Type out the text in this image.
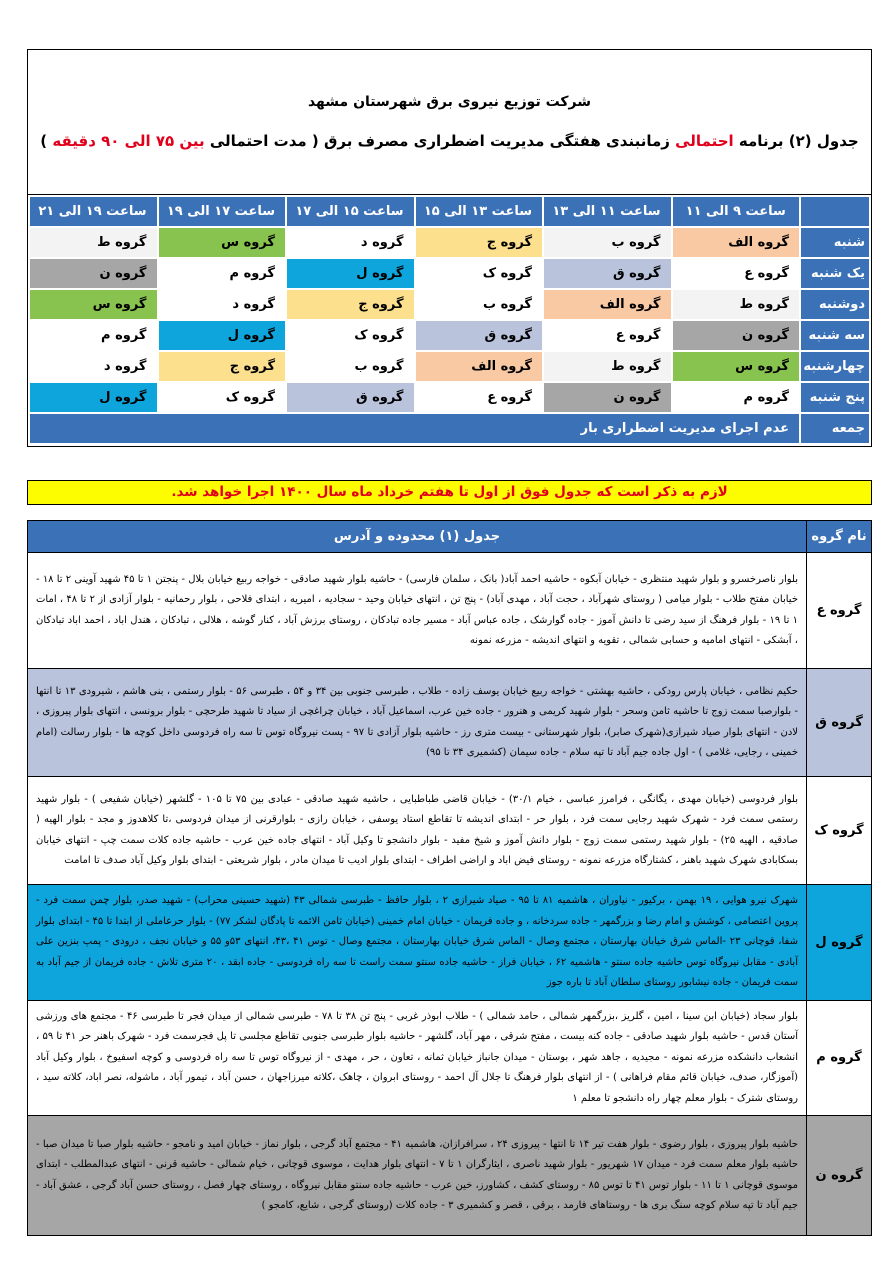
شرکت توزیع نیروی برق شهرستان مشهد
جدول (۲) برنامه احتمالی زمانبندی هفتگی مدیریت اضطراری مصرف برق ( مدت احتمالی بین ۷۵ الی ۹۰ دقیقه )
	ساعت ۹ الی ۱۱	ساعت ۱۱ الی ۱۳	ساعت ۱۳ الی ۱۵	ساعت ۱۵ الی ۱۷	ساعت ۱۷ الی ۱۹	ساعت ۱۹ الی ۲۱
شنبه	گروه الف	گروه ب	گروه ج	گروه د	گروه س	گروه ط
یک شنبه	گروه ع	گروه ق	گروه ک	گروه ل	گروه م	گروه ن
دوشنبه	گروه ط	گروه الف	گروه ب	گروه ج	گروه د	گروه س
سه شنبه	گروه ن	گروه ع	گروه ق	گروه ک	گروه ل	گروه م
چهارشنبه	گروه س	گروه ط	گروه الف	گروه ب	گروه ج	گروه د
پنج شنبه	گروه م	گروه ن	گروه ع	گروه ق	گروه ک	گروه ل
جمعه	عدم اجرای مدیریت اضطراری بار					
لازم به ذکر است که جدول فوق از اول تا هفتم خرداد ماه سال ۱۴۰۰ اجرا خواهد شد.
نام گروه	جدول (۱) محدوده و آدرس
گروه ع	بلوار ناصرخسرو و بلوار شهید منتظری - خیابان آبکوه - حاشیه احمد آباد( بانک ، سلمان فارسی) - حاشیه بلوار شهید صادقی - خواجه ربیع خیابان بلال - پنجتن ۱ تا ۴۵ شهید آوینی ۲ تا ۱۸ - خیابان مفتح طلاب - بلوار میامی ( روستای شهرآباد ، حجت آباد ، مهدی آباد) - پنج تن ، انتهای خیابان وحید - سجادیه ، امیریه ، ابتدای فلاحی ، بلوار رحمانیه - بلوار آزادی از ۲ تا ۴۸ ، امات ۱ تا ۱۹ - بلوار فرهنگ از سید رضی تا دانش آموز - جاده گوارشک ، جاده عباس آباد - مسیر جاده تبادکان ، روستای برزش آباد ، کنار گوشه ، هلالی ، تبادکان ، هندل اباد ، احمد اباد تبادکان ، آبشکی - انتهای امامیه و حسابی شمالی ، تقویه و انتهای اندیشه - مزرعه نمونه
گروه ق	حکیم نظامی ، خیابان پارس رودکی ، حاشیه بهشتی - خواجه ربیع خیابان یوسف زاده - طلاب ، طبرسی جنوبی بین ۳۴ و ۵۴ ، طبرسی ۵۶ - بلوار رستمی ، بنی هاشم ، شیرودی ۱۳ تا انتها - بلوارصبا سمت زوج تا حاشیه ثامن وسحر - بلوار شهید کریمی و هنرور - جاده خین عرب، اسماعیل آباد ، خیابان چراغچی از سیاد تا شهید طرحچی - بلوار برونسی ، انتهای بلوار پیروزی ، لادن - انتهای بلوار صیاد شیرازی(شهرک صابر)، بلوار شهرستانی - بیست متری رز - حاشیه بلوار آزادی تا ۹۷ - پست نیروگاه توس تا سه راه فردوسی داخل کوچه ها - بلوار رسالت (امام خمینی ، رجایی، غلامی ) - اول جاده جیم آباد تا تپه سلام - جاده سیمان (کشمیری ۳۴ تا ۹۵)
گروه ک	بلوار فردوسی (خیابان مهدی ، یگانگی ، فرامرز عباسی ، خیام ۳۰/۱) - خیابان قاضی طباطبایی ، حاشیه شهید صادقی - عبادی بین ۷۵ تا ۱۰۵ - گلشهر (خیابان شفیعی ) - بلوار شهید رستمی سمت فرد - شهرک شهید رجایی سمت فرد ، بلوار حر - ابتدای اندیشه تا تقاطع استاد یوسفی ، خیابان رازی - بلوارقرنی از میدان فردوسی ،تا کلاهدوز و مجد - بلوار الهیه ( صادقیه ، الهیه ۲۵) - بلوار شهید رستمی سمت زوج - بلوار دانش آموز و شیخ مفید - بلوار دانشجو تا وکیل آباد - انتهای جاده خین عرب - حاشیه جاده کلات سمت چپ - انتهای خیابان بسکابادی شهرک شهید باهنر ، کشتارگاه مزرعه نمونه - روستای فیض اباد و اراضی اطراف - ابتدای بلوار ادیب تا میدان مادر ، بلوار شریعتی - ابتدای بلوار وکیل آباد صدف تا امامت
گروه ل	شهرک نیرو هوایی ، ۱۹ بهمن ، برکیور - نیاوران ، هاشمیه ۸۱ تا ۹۵ - صیاد شیرازی ۲ ، بلوار حافظ - طبرسی شمالی ۴۳ (شهید حسینی محراب) - شهید صدر، بلوار چمن سمت فرد - پروین اعتصامی ، کوشش و امام رضا و بزرگمهر - جاده سردخانه ، و جاده فریمان - خیابان امام خمینی (خیابان ثامن الائمه تا پادگان لشکر ۷۷) - بلوار حرعاملی از ابتدا تا ۴۵ - ابتدای بلوار شفا، قوچانی ۲۳ -الماس شرق خیابان بهارستان ، مجتمع وصال - الماس شرق خیابان بهارستان ، مجتمع وصال - توس ۴۱ ،۴۳، انتهای ۵۳و ۵۵ و خیابان نجف ، درودی - پمپ بنزین علی آبادی - مقابل نیروگاه توس حاشیه جاده سنتو - هاشمیه ۶۲ ، خیابان فراز - حاشیه جاده سنتو سمت راست تا سه راه فردوسی - جاده ابقد ، ۲۰ متری تلاش - جاده فریمان از جیم آباد به سمت فریمان - جاده نیشابور روستای سلطان آباد تا باره جوز
گروه م	بلوار سجاد (خیابان ابن سینا ، امین ، گلریز ،بزرگمهر شمالی ، حامد شمالی ) - طلاب ابوذر غربی - پنج تن ۳۸ تا ۷۸ - طبرسی شمالی از میدان فجر تا طبرسی ۴۶ - مجتمع های ورزشی آستان قدس - حاشیه بلوار شهید صادقی - جاده کنه بیست ، مفتح شرقی ، مهر آباد، گلشهر - حاشیه بلوار طبرسی جنوبی تقاطع مجلسی تا پل فجرسمت فرد - شهرک باهنر حر ۴۱ تا ۵۹ ، انشعاب دانشکده مزرعه نمونه - مجیدیه ، جاهد شهر ، بوستان - میدان جانباز خیابان ثمانه ، تعاون ، حر ، مهدی - از نیروگاه توس تا سه راه فردوسی و کوچه اسفیوخ ، بلوار وکیل آباد (آموزگار، صدف، خیابان قائم مقام فراهانی ) - از انتهای بلوار فرهنگ تا جلال آل احمد - روستای ابروان ، چاهک ،کلاته میرزاجهان ، حسن آباد ، تیمور آباد ، ماشوله، نصر اباد، کلاته سید ، روستای شترک - بلوار معلم چهار راه دانشجو تا معلم ۱
گروه ن	حاشیه بلوار پیروزی ، بلوار رضوی - بلوار هفت تیر ۱۴ تا انتها - پیروزی ۲۴ ، سرافرازان، هاشمیه ۴۱ - مجتمع آباد گرجی ، بلوار نماز - خیابان امید و نامجو - حاشیه بلوار صبا تا میدان صبا - حاشیه بلوار معلم سمت فرد - میدان ۱۷ شهریور - بلوار شهید ناصری ، ایثارگران ۱ تا ۷ - انتهای بلوار هدایت ، موسوی قوچانی ، خیام شمالی - حاشیه قرنی - انتهای عبدالمطلب - ابتدای موسوی قوچانی ۱ تا ۱۱ - بلوار توس ۴۱ تا توس ۸۵ - روستای کشف ، کشاورز، خین عرب - حاشیه جاده سنتو مقابل نیروگاه ، روستای چهار فصل ، روستای حسن آباد گرجی ، عشق آباد - جیم آباد تا تپه سلام کوچه سنگ بری ها - روستاهای فارمد ، برقی ، قصر و کشمیری ۳ - جاده کلات (روستای گرجی ، شایع، کامجو )
